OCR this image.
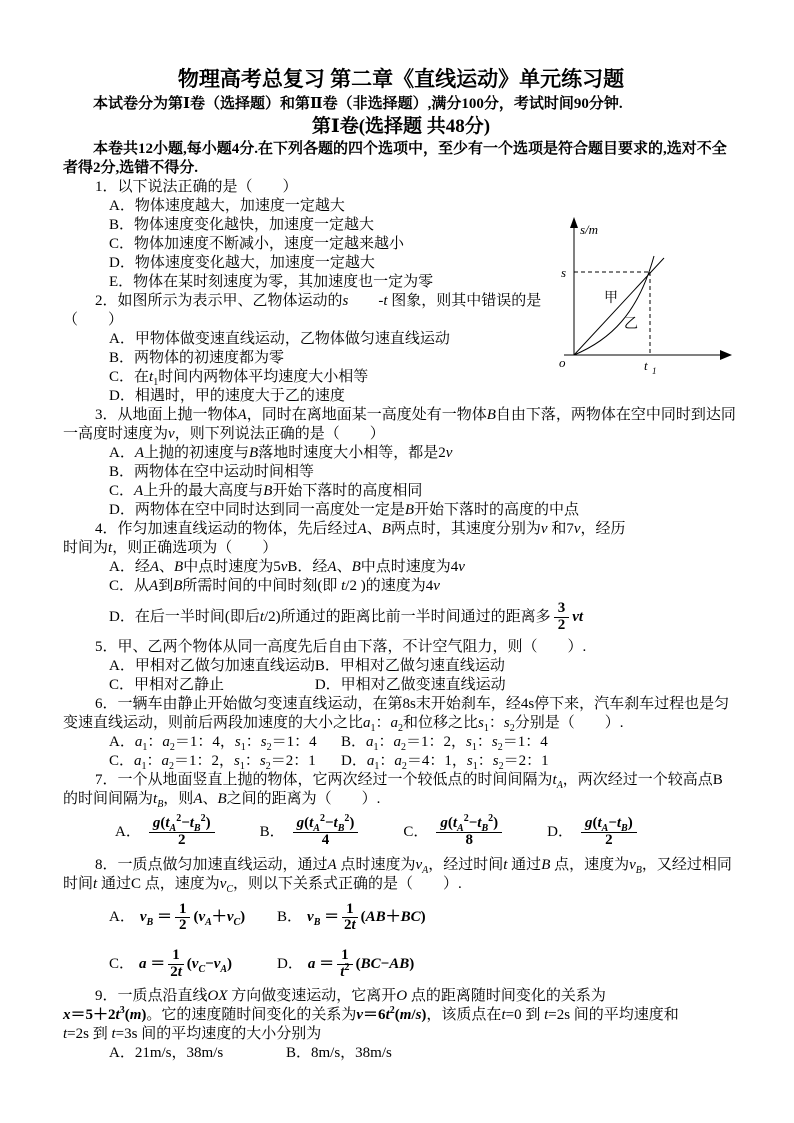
物理高考总复习 第二章《直线运动》单元练习题

本试卷分为第Ⅰ卷（选择题）和第Ⅱ卷（非选择题）,满分100分，考试时间90分钟.

第Ⅰ卷(选择题 共48分)

本卷共12小题,每小题4分.在下列各题的四个选项中，至少有一个选项是符合题目要求的,选对不全者得2分,选错不得分.

1．以下说法正确的是（　　）

A．物体速度越大，加速度一定越大
B．物体速度变化越快，加速度一定越大
C．物体加速度不断减小，速度一定越来越小
D．物体速度变化越大，加速度一定越大
E．物体在某时刻速度为零，其加速度也一定为零

2．如图所示为表示甲、乙物体运动的s　　-t 图象，则其中错误的是
（　　）

A．甲物体做变速直线运动，乙物体做匀速直线运动
B．两物体的初速度都为零
C．在$t_1$时间内两物体平均速度大小相等
D．相遇时，甲的速度大于乙的速度

3．从地面上抛一物体A，同时在离地面某一高度处有一物体B自由下落，两物体在空中同时到达同一高度时速度为v，则下列说法正确的是（　　）

A．A上抛的初速度与B落地时速度大小相等，都是2v
B．两物体在空中运动时间相等
C．A上升的最大高度与B开始下落时的高度相同
D．两物体在空中同时达到同一高度处一定是B开始下落时的高度的中点

4．作匀加速直线运动的物体，先后经过A、B两点时，其速度分别为v 和7v，经历
时间为t，则正确选项为（　　）

A．经A、B中点时速度为5v B．经A、B中点时速度为4v
C．从A到B所需时间的中间时刻(即 t/2 )的速度为4v
D．在后一半时间(即后t/2)所通过的距离比前一半时间通过的距离多 $\frac{3}{2}$ vt

5．甲、乙两个物体从同一高度先后自由下落，不计空气阻力，则（　　）.

A．甲相对乙做匀加速直线运动 B．甲相对乙做匀速直线运动
C．甲相对乙静止	D．甲相对乙做变速直线运动

6．一辆车由静止开始做匀变速直线运动，在第8s末开始刹车，经4s停下来，汽车刹车过程也是匀变速直线运动，则前后两段加速度的大小之比$a_1$：$a_2$和位移之比$s_1$：$s_2$分别是（　　）.

A．$a_1$：$a_2=1$：4，$s_1$：$s_2=1$：4	B．$a_1$：$a_2=1$：2，$s_1$：$s_2=1$：4
C．$a_1$：$a_2=1$：2，$s_1$：$s_2=2$：1	D．$a_1$：$a_2=4$：1，$s_1$：$s_2=2$：1

7．一个从地面竖直上抛的物体，它两次经过一个较低点的时间间隔为$t_A$，两次经过一个较高点B 的时间间隔为$t_B$，则A、B之间的距离为（　　）.

A． $\frac{g(t_A^2-t_B^2)}{2}$	B． $\frac{g(t_A^2-t_B^2)}{4}$	C． $\frac{g(t_A^2-t_B^2)}{8}$	D． $\frac{g(t_A-t_B)}{2}$

8．一质点做匀加速直线运动，通过A 点时速度为$v_A$，经过时间t 通过B 点，速度为$v_B$，又经过相同时间t 通过C 点，速度为$v_C$，则以下关系式正确的是（　　）.

A． $v_B = \frac{1}{2} (v_A+v_C)$ B． $v_B = \frac{1}{2t} (AB+BC)$
C． $a = \frac{1}{2t} (v_C-v_A)$	D． $a = \frac{1}{t^2} (BC-AB)$

9．一质点沿直线OX 方向做变速运动，它离开O 点的距离随时间变化的关系为
$x=5+2t^3(m)$。它的速度随时间变化的关系为$v=6t^2(m/s)$，该质点在t=0 到 t=2s 间的平均速度和
t=2s 到 t=3s 间的平均速度的大小分别为

A．21m/s，38m/s	B．8m/s，38m/s
s/m
s
o	t 1
甲
乙
